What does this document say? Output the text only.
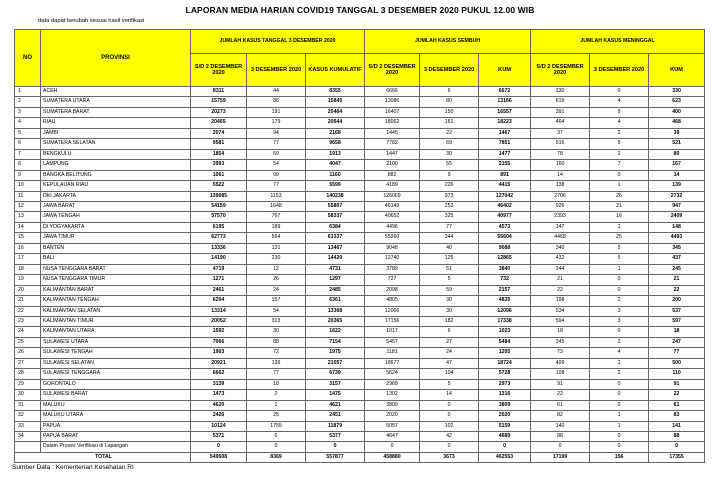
LAPORAN MEDIA HARIAN COVID19 TANGGAL 3 DESEMBER 2020 PUKUL 12.00 WIB
data dapat berubah sesuai hasil verifikasi
NO	PROVINSI	JUMLAH KASUS TANGGAL 3 DESEMBER 2020			JUMLAH KASUS SEMBUH			JUMLAH KASUS MENINGGAL		
		S/D 2 DESEMBER 2020	3 DESEMBER 2020	KASUS KUMULATIF	S/D 2 DESEMBER 2020	3 DESEMBER 2020	KUM	S/D 2 DESEMBER 2020	3 DESEMBER 2020	KUM
1	ACEH	8311	44	8355	6666	6	6672	330	0	330
2	SUMATERA UTARA	15759	86	15845	13086	80	13166	619	4	623
3	SUMATERA BARAT	20273	191	20464	16407	150	16557	391	9	400
4	RIAU	20465	179	20644	18062	161	18223	464	4	468
5	JAMBI	2074	94	2168	1445	22	1467	37	2	39
6	SUMATERA SELATAN	9581	77	9658	7782	69	7851	516	5	521
7	BENGKULU	1854	59	1913	1447	30	1477	78	2	80
8	LAMPUNG	3993	54	4047	2100	55	2155	160	7	167
9	BANGKA BELITUNG	1061	99	1160	882	9	891	14	0	14
10	KEPULAUAN RIAU	5522	77	5599	4189	226	4415	138	1	139
11	DKI JAKARTA	139085	1153	140238	126069	973	127042	2706	26	2732
12	JAWA BARAT	54159	1648	55807	46149	253	46402	926	21	947
13	JAWA TENGAH	57570	767	58337	40652	325	40977	2393	16	2409
14	DI YOGYAKARTA	6195	189	6384	4496	77	4573	147	1	148
15	JAWA TIMUR	62773	564	63337	55260	344	55604	4468	25	4493
16	BANTEN	13336	131	13467	9048	40	9088	340	5	345
17	BALI	14190	230	14420	12740	125	12865	432	5	437
18	NUSA TENGGARA BARAT	4719	12	4731	3789	51	3840	244	1	245
19	NUSA TENGGARA TIMUR	1271	26	1297	727	5	732	21	0	21
20	KALIMANTAN BARAT	2461	24	2485	2098	59	2157	22	0	22
21	KALIMANTAN TENGAH	6204	157	6361	4805	30	4835	198	2	200
22	KALIMANTAN SELATAN	13314	54	13368	12066	30	12096	534	3	537
23	KALIMANTAN TIMUR	20052	313	20365	17156	182	17338	594	3	597
24	KALIMANTAN UTARA	1592	30	1622	1017	6	1023	18	0	18
25	SULAWESI UTARA	7066	88	7154	5457	27	5484	245	2	247
26	SULAWESI TENGAH	1903	72	1975	1181	24	1205	73	4	77
27	SULAWESI SELATAN	20921	136	21057	18677	47	18724	499	1	500
28	SULAWESI TENGGARA	6662	77	6739	5624	104	5728	108	2	110
29	GORONTALO	3139	18	3157	2968	5	2973	91	0	91
30	SULAWESI BARAT	1473	2	1475	1302	14	1316	22	0	22
31	MALUKU	4620	1	4621	3809	0	3809	61	0	61
32	MALUKU UTARA	2426	25	2451	2020	0	2020	82	1	83
33	PAPUA	10124	1755	11879	5057	102	5159	140	1	141
34	PAPUA BARAT	5371	6	5377	4647	42	4689	88	0	88
	Dalam Proses Verifikasi di Lapangan	0	0	0	0	0	0	0	0	0
TOTAL		549508	8369	557877	458880	3673	462553	17199	156	17355
Sumber Data : Kementerian Kesehatan RI
